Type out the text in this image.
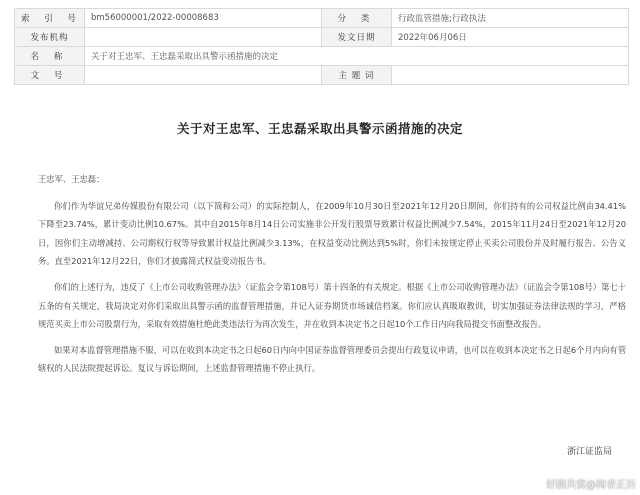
索 引 号	bm56000001/2022-00008683	分 类	行政监管措施;行政执法
发布机构		发文日期	2022年06月06日
名 称	关于对王忠军、王忠磊采取出具警示函措施的决定		
文 号		主 题 词	
关于对王忠军、王忠磊采取出具警示函措施的决定

王忠军、王忠磊：

你们作为华谊兄弟传媒股份有限公司（以下简称公司）的实际控制人，在2009年10月30日至2021年12月20日期间，你们持有的公司权益比例由34.41%下降至23.74%，累计变动比例10.67%。其中自2015年8月14日公司实施非公开发行股票导致累计权益比例减少7.54%，2015年11月24日至2021年12月20日，因你们主动增减持、公司期权行权等导致累计权益比例减少3.13%，在权益变动比例达到5%时，你们未按规定停止买卖公司股份并及时履行报告、公告义务。直至2021年12月22日，你们才披露简式权益变动报告书。

你们的上述行为，违反了《上市公司收购管理办法》（证监会令第108号）第十四条的有关规定。根据《上市公司收购管理办法》（证监会令第108号）第七十五条的有关规定，我局决定对你们采取出具警示函的监督管理措施，并记入证券期货市场诚信档案。你们应认真吸取教训，切实加强证券法律法规的学习，严格规范买卖上市公司股票行为，采取有效措施杜绝此类违法行为再次发生，并在收到本决定书之日起10个工作日内向我局提交书面整改报告。

如果对本监督管理措施不服，可以在收到本决定书之日起60日内向中国证券监督管理委员会提出行政复议申请，也可以在收到本决定书之日起6个月内向有管辖权的人民法院提起诉讼。复议与诉讼期间，上述监督管理措施不停止执行。

浙江证监局
好剧共赏@梅者正历
